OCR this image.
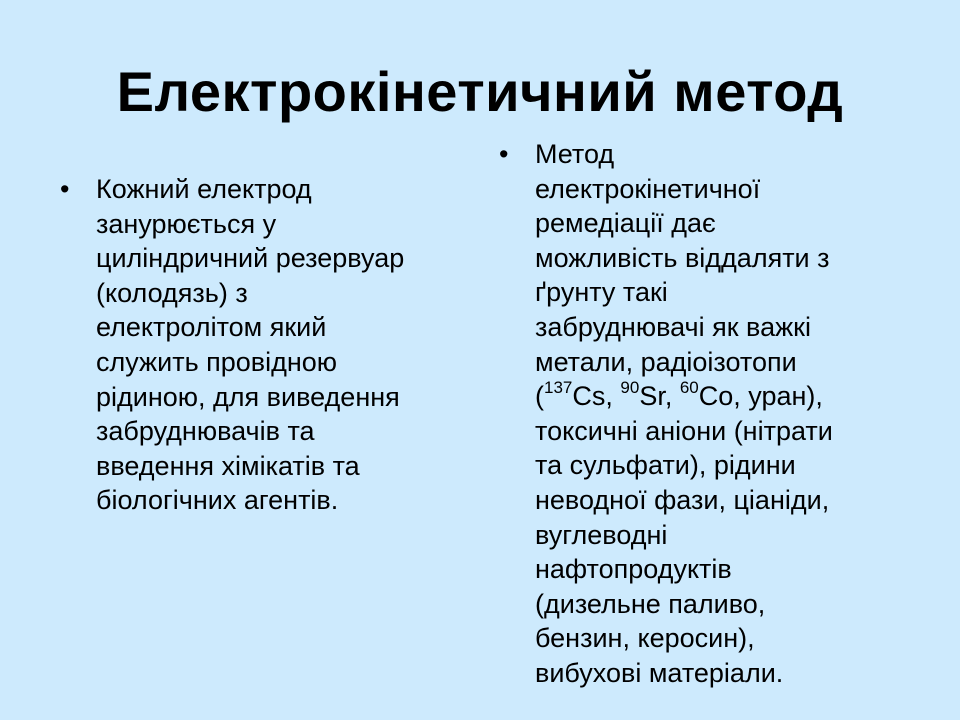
Електрокінетичний метод
• Кожний електрод
занурюється у
циліндричний резервуар
(колодязь) з
електролітом який
служить провідною
рідиною, для виведення
забруднювачів та
введення хімікатів та
біологічних агентів.
• Метод
електрокінетичної
ремедіації дає
можливість віддаляти з
ґрунту такі
забруднювачі як важкі
метали, радіоізотопи
($^{137}$Cs, $^{90}$Sr, $^{60}$Co, уран),
токсичні аніони (нітрати
та сульфати), рідини
неводної фази, ціаніди,
вуглеводні
нафтопродуктів
(дизельне паливо,
бензин, керосин),
вибухові матеріали.
